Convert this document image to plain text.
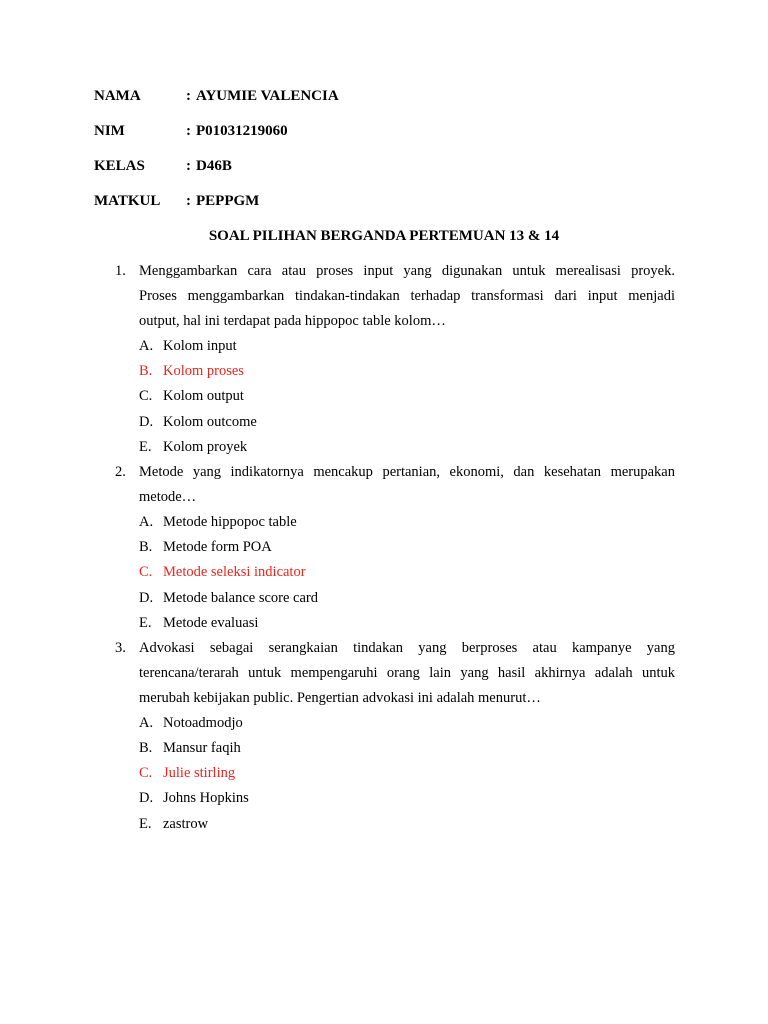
NAMA	: AYUMIE VALENCIA
NIM	: P01031219060
KELAS	: D46B
MATKUL	: PEPPGM
SOAL PILIHAN BERGANDA PERTEMUAN 13 & 14
1. Menggambarkan cara atau proses input yang digunakan untuk merealisasi proyek.
Proses menggambarkan tindakan-tindakan terhadap transformasi dari input menjadi
output, hal ini terdapat pada hippopoc table kolom…
A. Kolom input
B. Kolom proses
C. Kolom output
D. Kolom outcome
E. Kolom proyek
2. Metode yang indikatornya mencakup pertanian, ekonomi, dan kesehatan merupakan
metode…
A. Metode hippopoc table
B. Metode form POA
C. Metode seleksi indicator
D. Metode balance score card
E. Metode evaluasi
3. Advokasi sebagai serangkaian tindakan yang berproses atau kampanye yang
terencana/terarah untuk mempengaruhi orang lain yang hasil akhirnya adalah untuk
merubah kebijakan public. Pengertian advokasi ini adalah menurut…
A. Notoadmodjo
B. Mansur faqih
C. Julie stirling
D. Johns Hopkins
E. zastrow
